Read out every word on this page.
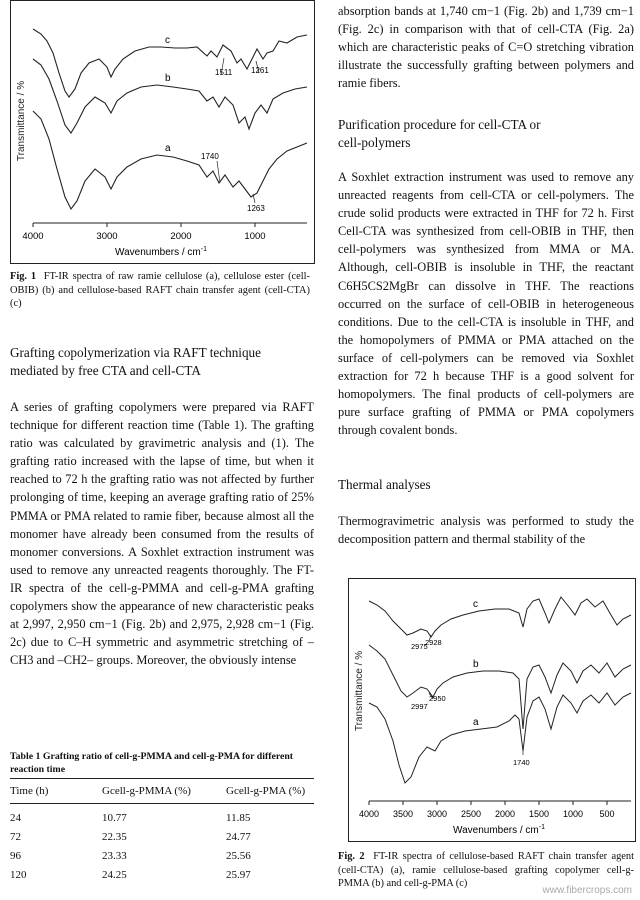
Transmittance / %
4000	3000	2000	1000
Wavenumbers / $cm^{-1}$
c
b
a
1511 1261
1740
1263
Fig. 1 FT-IR spectra of raw ramie cellulose (a), cellulose ester (cell-OBIB) (b) and cellulose-based RAFT chain transfer agent (cell-CTA) (c)
Grafting copolymerization via RAFT technique mediated by free CTA and cell-CTA
A series of grafting copolymers were prepared via RAFT technique for different reaction time (Table 1). The grafting ratio was calculated by gravimetric analysis and (1). The grafting ratio increased with the lapse of time, but when it reached to 72 h the grafting ratio was not affected by further prolonging of time, keeping an average grafting ratio of 25% PMMA or PMA related to ramie fiber, because almost all the monomer have already been consumed from the results of monomer conversions. A Soxhlet extraction instrument was used to remove any unreacted reagents thoroughly. The FT-IR spectra of the cell-g-PMMA and cell-g-PMA grafting copolymers show the appearance of new characteristic peaks at 2,997, 2,950 cm−1 (Fig. 2b) and 2,975, 2,928 cm−1 (Fig. 2c) due to C–H symmetric and asymmetric stretching of –CH3 and –CH2– groups. Moreover, the obviously intense
Table 1 Grafting ratio of cell-g-PMMA and cell-g-PMA for different reaction time
Time (h)	Gcell-g-PMMA (%)	Gcell-g-PMA (%)
24	10.77	11.85
72	22.35	24.77
96	23.33	25.56
120	24.25	25.97
absorption bands at 1,740 cm−1 (Fig. 2b) and 1,739 cm−1 (Fig. 2c) in comparison with that of cell-CTA (Fig. 2a) which are characteristic peaks of C=O stretching vibration illustrate the successfully grafting between polymers and ramie fibers.
Purification procedure for cell-CTA or cell-polymers
A Soxhlet extraction instrument was used to remove any unreacted reagents from cell-CTA or cell-polymers. The crude solid products were extracted in THF for 72 h. First Cell-CTA was synthesized from cell-OBIB in THF, then cell-polymers was synthesized from MMA or MA. Although, cell-OBIB is insoluble in THF, the reactant C6H5CS2MgBr can dissolve in THF. The reactions occurred on the surface of cell-OBIB in heterogeneous conditions. Due to the cell-CTA is insoluble in THF, and the homopolymers of PMMA or PMA attached on the surface of cell-polymers can be removed via Soxhlet extraction for 72 h because THF is a good solvent for homopolymers. The final products of cell-polymers are pure surface grafting of PMMA or PMA copolymers through covalent bonds.
Thermal analyses
Thermogravimetric analysis was performed to study the decomposition pattern and thermal stability of the
Transmittance / %
4000 3500 3000 2500 2000 1500 1000 500
Wavenumbers / $cm^{-1}$
c
b
a
2975
2928
2950
2997
1740
Fig. 2 FT-IR spectra of cellulose-based RAFT chain transfer agent (cell-CTA) (a), ramie cellulose-based grafting copolymer cell-g-PMMA (b) and cell-g-PMA (c)
www.fibercrops.com
